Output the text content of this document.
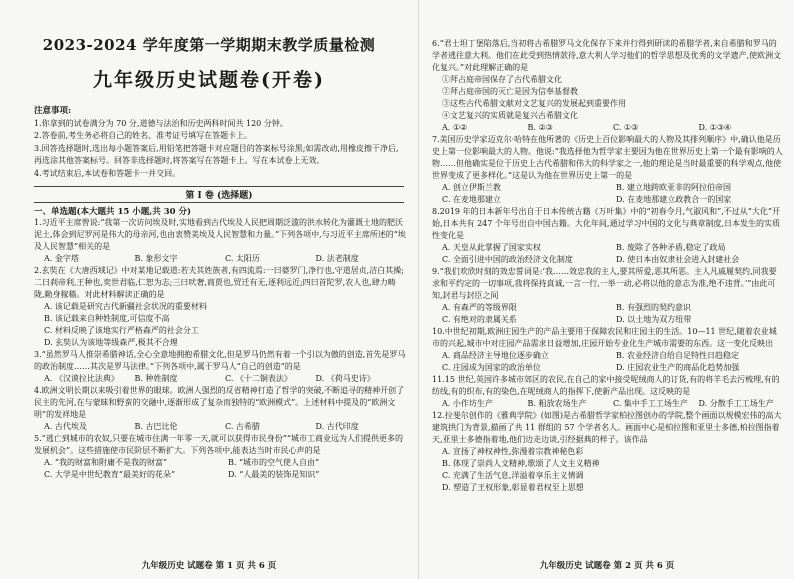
2023-2024 学年度第一学期期末教学质量检测
九年级历史试题卷(开卷)
注意事项:
1.你拿到的试卷满分为 70 分,道德与法治和历史两科时间共 120 分钟。
2.答卷前,考生务必将自己的姓名、准考证号填写在答题卡上。
3.回答选择题时,选出每小题答案后,用铅笔把答题卡对应题目的答案标号涂黑;如需改动,用橡皮擦干净后,再选涂其他答案标号。回答非选择题时,将答案写在答题卡上。写在本试卷上无效。
4.考试结束后,本试卷和答题卡一并交回。
第 I 卷 (选择题)
一、单选题(本大题共 15 小题,共 30 分)
1.习近平主席曾说:“我第一次访问埃及时,实地看到古代埃及人民把周期泛滥的洪水转化为灌溉土地的肥沃泥土,体会到尼罗河是伟大的母亲河,也由衷赞美埃及人民智慧和力量。”下列各项中,与习近平主席所述的“埃及人民智慧”相关的是
A. 金字塔	B. 象形文字	C. 太阳历	D. 法老制度
2.玄奘在《大唐西域记》中对某地记载道:若夫其姓族者,有四流焉:一曰婆罗门,净行也,守道居贞,洁白其操;二曰刹帝利,王种也,奕世君临,仁恕为志;三曰吠奢,商贾也,贸迁有无,逐利远近;四曰首陀罗,农人也,肆力畴陇,勤身稼穑。对此材料解读正确的是
A. 该记载是研究古代新疆社会状况的重要材料
B. 该记载来自种姓制度,可信度不高
C. 材料反映了该地实行严格森严的社会分工
D. 玄奘认为该地等级森严,极其不合理
3.“虽然罗马人推崇希腊神话,全心全意地拥抱希腊文化,但是罗马仍然有着一个引以为傲的创造,首先是罗马的政治制度……其次是罗马法律。”下列各项中,属于罗马人“自己的创造”的是
A. 《汉谟拉比法典》	B. 种姓制度	C. 《十二铜表法》	D. 《荷马史诗》
4.欧洲文明长期以来吸引着世界的眼球。欧洲人强烈的反省精神打造了哲学的突破,不断追寻的精神开创了民主的先河,在与蒙昧和野蛮的交融中,逐渐形成了复杂而独特的“欧洲模式”。上述材料中提及的“欧洲文明”的发祥地是
A. 古代埃及	B. 古巴比伦	C. 古希腊	D. 古代印度
5.“逃亡到城市的农奴,只要在城市住满一年零一天,就可以获得市民身份”“城市工商业远为人们提供更多的发展机会”。这些措施使市民阶层不断扩大。下列各项中,能表达当时市民心声的是
A. “我的财富和附庸不是我的财富”	B. “城市的空气使人自由”
C. 大学是中世纪教育“最美好的花朵”	D. “人最美的装饰是知识”
九年级历史 试题卷 第 1 页 共 6 页
6.“君士坦丁堡陷落后,当初将古希腊罗马文化保存下来并行得到研读的希腊学者,来自希腊和罗马的学者逃往意大利。他们在此受到热情款待,意大利人学习他们的哲学思想及优秀的文学遗产,使欧洲文化复兴。”对此理解正确的是
①拜占庭帝国保存了古代希腊文化
②拜占庭帝国的灭亡是因为信奉基督教
③这些古代希腊文献对文艺复兴的发展起到重要作用
④文艺复兴的实质就是复兴古希腊文化
A. ①②	B. ②③	C. ①③	D. ①③④
7.美国历史学家迈克尔·哈特在他所著的《历史上百位影响最大的人物及其排列顺序》中,确认他是历史上第一位影响最大的人物。他说:“我选择他为哲学家主要因为他在世界历史上第一个最有影响的人物……但他确实是位于历史上古代希腊和伟大的科学家之一,他的理论是当时最重要的科学观点,他使世界变成了更多样化。”这是认为他在世界历史上第一的是
A. 创立伊斯兰教	B. 建立地跨欧亚非的阿拉伯帝国
C. 在麦地那建立	D. 在麦地那建立政教合一的国家
8.2019 年的日本新年号出自于日本传统古籍《万叶集》中的“初春令月,气淑风和”,不过从“大化”开始,日本共有 247 个年号出自中国古籍。大化年间,通过学习中国的文化与典章制度,日本发生的实质性变化是
A. 天皇从此掌握了国家实权	B. 废除了各种矛盾,稳定了政局
C. 全面引进中国的政治经济文化制度	D. 使日本由奴隶社会进入封建社会
9.“我们欢欣时刻的效忠誓词是:‘我……效忠我的主人,要其所爱,恶其所恶。主人凡戚履契约,同我要求和平约定的一切事项,我将保持真诚,一言一行,一举一动,必将以他的意志为准,绝不违背。’”由此可知,封君与封臣之间
A. 有森严的等级界限	B. 有强烈的契约意识
C. 有绝对的隶属关系	D. 以土地为双方纽带
10.中世纪初期,欧洲庄园生产的产品主要用于保障农民和庄园主的生活。10—11 世纪,随着农业城市的兴起,城市中对庄园产品需求日益增加,庄园开始专业化生产城市需要的东西。这一变化反映出
A. 商品经济主导地位逐步确立	B. 农业经济自给自足特性日趋稳定
C. 庄园成为国家的政治单位	D. 庄园农业生产的商品化趋势加强
11.15 世纪,英国许多城市郊区的农民,在自己的家中接受呢绒商人的订货,有的将羊毛去污梳理,有的纺线,有的织布,有的染色,在呢绒商人的指挥下,使新产品出现。这反映的是
A. 小作坊生产	B. 粗放农场生产	C. 集中手工工场生产	D. 分散手工工场生产
12.拉斐尔创作的《雅典学院》(如图)是古希腊哲学家柏拉图创办的学院,整个画面以规模宏伟的高大建筑拱门为背景,描画了共 11 群组的 57 个学者名人。画面中心是柏拉图和亚里士多德,柏拉图指着天,亚里士多德指着地,他们边走边谈,引经据典的样子。该作品
A. 宣扬了神权神性,弥漫着宗教神秘色彩
B. 体现了崇尚人文精神,歌颂了人文主义精神
C. 充满了生活气息,洋溢着享乐主义情调
D. 塑造了王权形象,彰显着君权至上思想
九年级历史 试题卷 第 2 页 共 6 页
